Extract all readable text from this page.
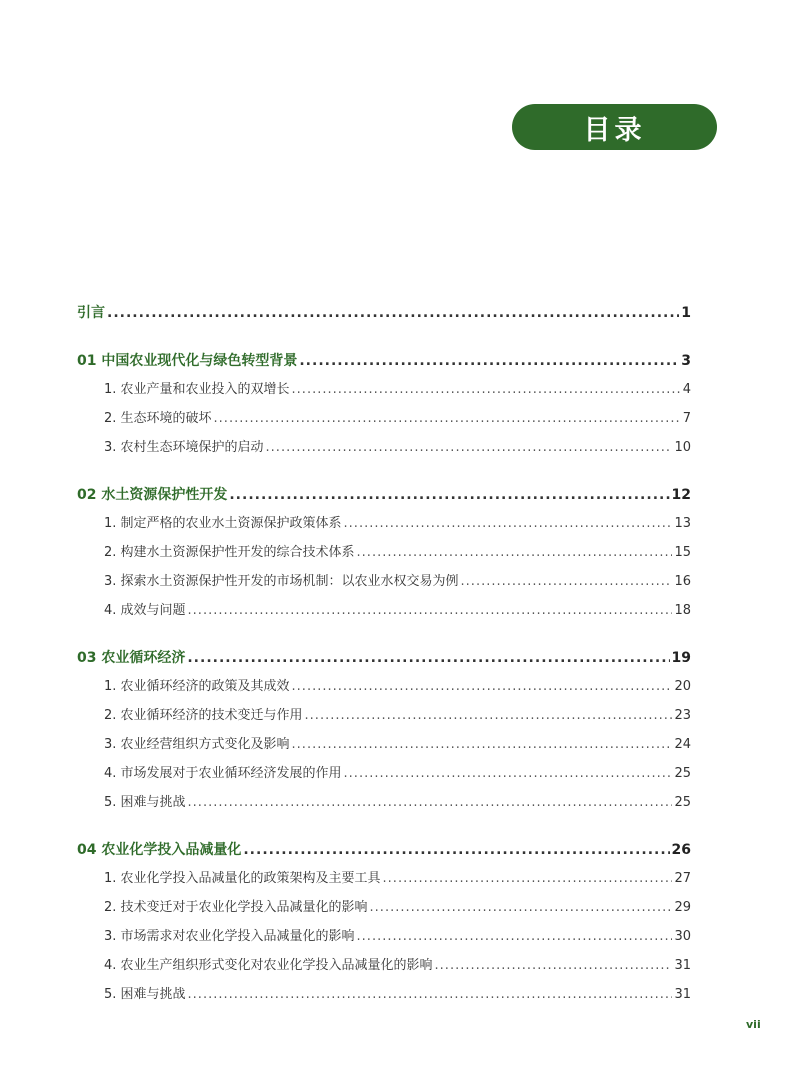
目录
引言 .....	1
01 中国农业现代化与绿色转型背景 .....	3
1. 农业产量和农业投入的双增长 .....	4
2. 生态环境的破坏 .....	7
3. 农村生态环境保护的启动 .....	10
02 水土资源保护性开发 .....	12
1. 制定严格的农业水土资源保护政策体系 .....	13
2. 构建水土资源保护性开发的综合技术体系 .....	15
3. 探索水土资源保护性开发的市场机制：以农业水权交易为例 .....	16
4. 成效与问题 .....	18
03 农业循环经济 .....	19
1. 农业循环经济的政策及其成效 .....	20
2. 农业循环经济的技术变迁与作用 .....	23
3. 农业经营组织方式变化及影响 .....	24
4. 市场发展对于农业循环经济发展的作用 .....	25
5. 困难与挑战 .....	25
04 农业化学投入品减量化 .....	26
1. 农业化学投入品减量化的政策架构及主要工具 .....	27
2. 技术变迁对于农业化学投入品减量化的影响 .....	29
3. 市场需求对农业化学投入品减量化的影响 .....	30
4. 农业生产组织形式变化对农业化学投入品减量化的影响 .....	31
5. 困难与挑战 .....	31
vii
